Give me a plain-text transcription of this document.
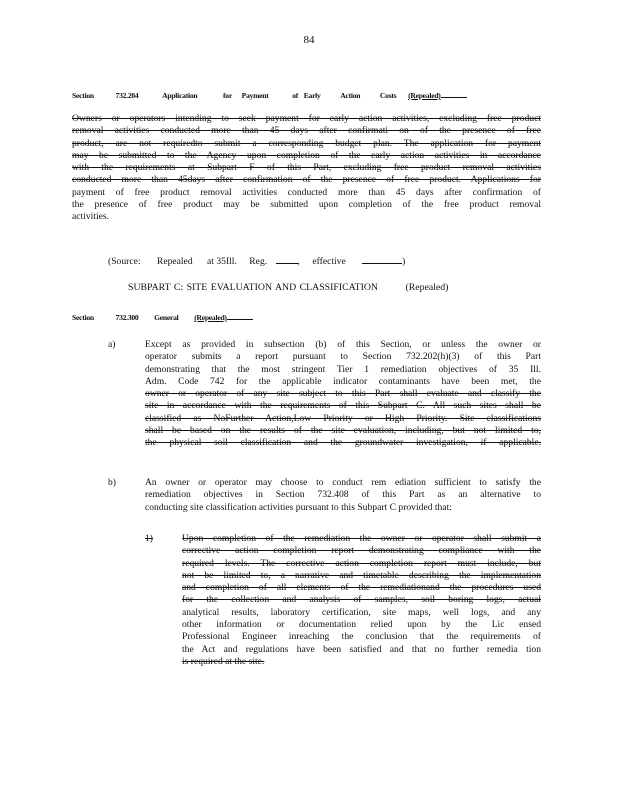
84
Section	732.204	Application	for Payment	of Early	Action	Costs (Repealed)
Owners or operators intending to seek payment for early action activities, excluding free product
removal activities conducted more than 45 days after confirmati on of the presence of free
product, are not requiredto submit a corresponding budget plan. The application for payment
may be submitted to the Agency upon completion of the early action activities in accordance
with the requirements at Subpart F of this Part, excluding free product removal activities
conducted more than 45days after confirmation of the presence of free product. Applications for
payment of free product removal activities conducted more than 45 days after confirmation of
the presence of free product may be submitted upon completion of the free product removal
activities.
(Source: Repealed at 35Ill. Reg.	, effective	)
SUBPART C: SITE EVALUATION AND CLASSIFICATION	(Repealed)
Section	732.300 General (Repealed)
a)	Except as provided in subsection (b) of this Section, or unless the owner or
operator submits a report pursuant to Section 732.202(h)(3) of this Part
demonstrating that the most stringent Tier 1 remediation objectives of 35 Ill.
Adm. Code 742 for the applicable indicator contaminants have been met, the
owner or operator of any site subject to this Part shall evaluate and classify the
site in accordance with the requirements of this Subpart C. All such sites shall be
classified as NoFurther Action,Low Priority or High Priority. Site classifications
shall be based on the results of the site evaluation, including, but not limited to,
the physical soil classification and the groundwater investigation, if applicable.
b)	An owner or operator may choose to conduct rem ediation sufficient to satisfy the
remediation objectives in Section 732.408 of this Part as an alternative to
conducting site classification activities pursuant to this Subpart C provided that:
1)	Upon completion of the remediation the owner or operator shall submit a
corrective action completion report demonstrating compliance with the
required levels. The corrective action completion report must include, but
not be limited to, a narrative and timetable describing the implementation
and completion of all elements of the remediationand the procedures used
for the collection and analysis of samples, soil boring logs, actual
analytical results, laboratory certification, site maps, well logs, and any
other information or documentation relied upon by the Lic ensed
Professional Engineer inreaching the conclusion that the requirements of
the Act and regulations have been satisfied and that no further remedia tion
is required at the site.
